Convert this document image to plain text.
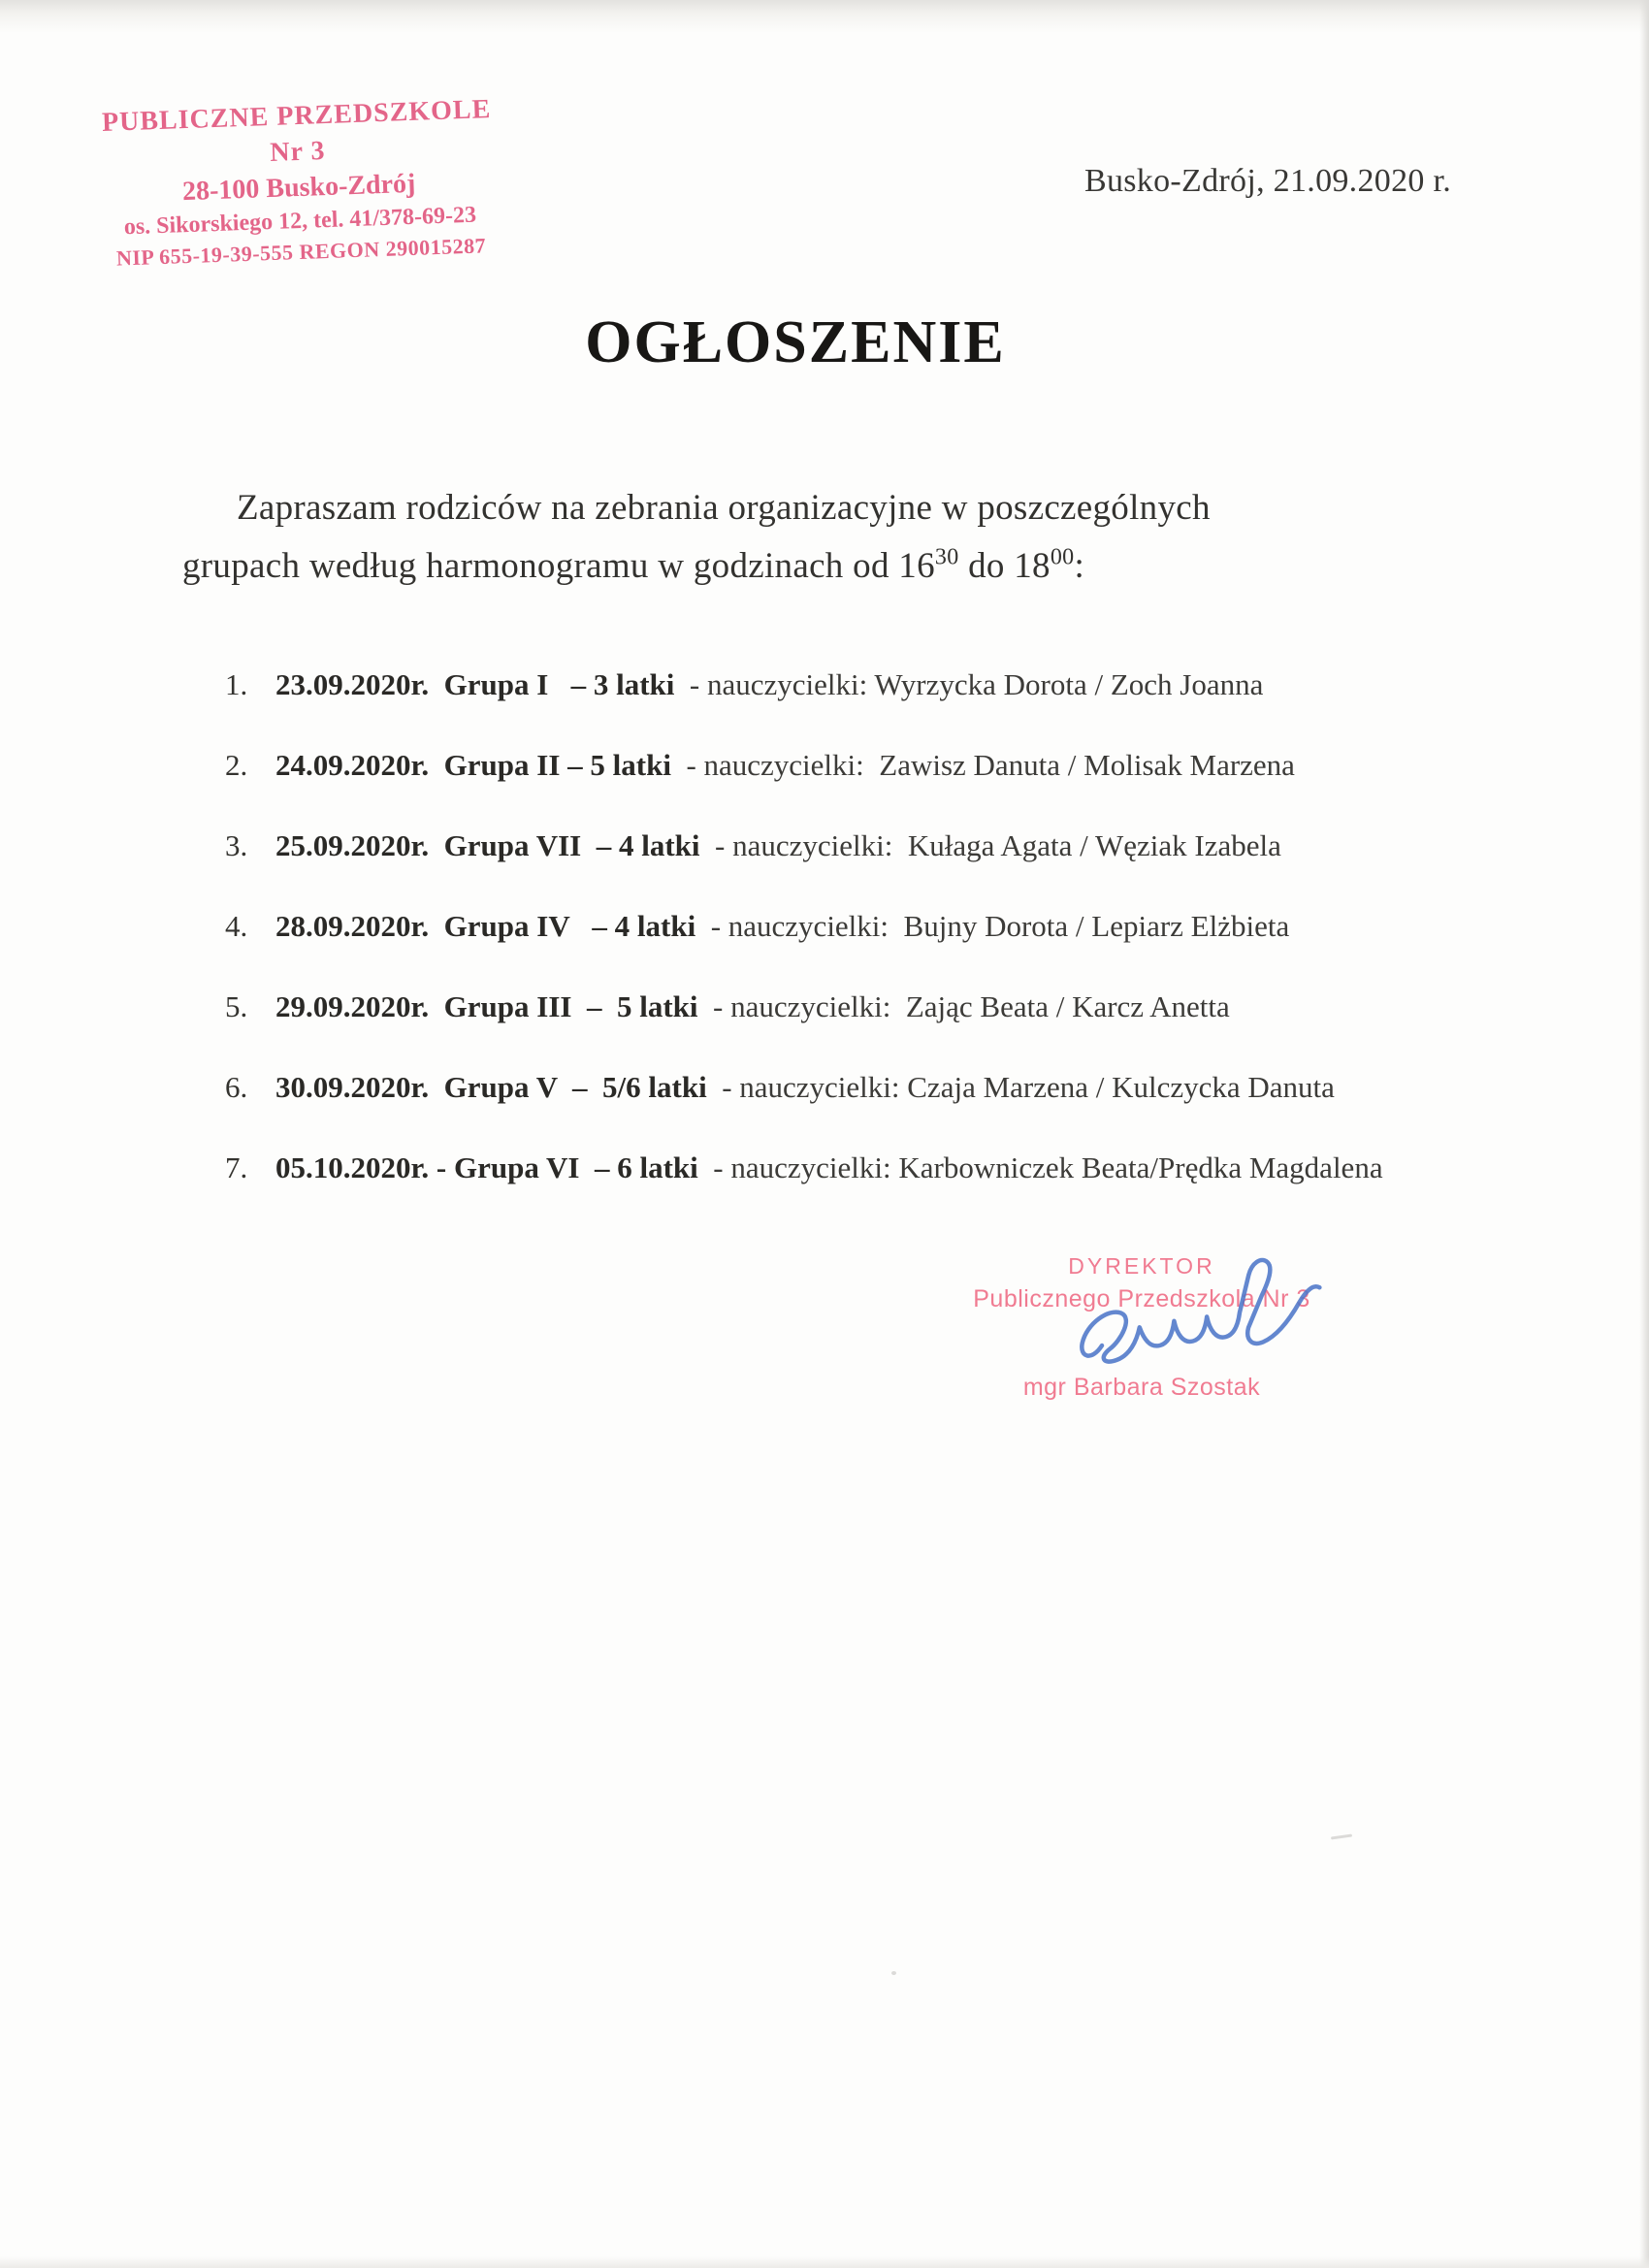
PUBLICZNE PRZEDSZKOLE Nr 3
28-100 Busko-Zdrój
os. Sikorskiego 12, tel. 41/378-69-23
NIP 655-19-39-555 REGON 290015287
Busko-Zdrój, 21.09.2020 r.
OGŁOSZENIE
Zapraszam rodziców na zebrania organizacyjne w poszczególnych
grupach według harmonogramu w godzinach od $16^{30}$ do $18^{00}$:
1. 23.09.2020r.  Grupa I   – 3 latki  - nauczycielki: Wyrzycka Dorota / Zoch Joanna
2. 24.09.2020r.  Grupa II – 5 latki  - nauczycielki:  Zawisz Danuta / Molisak Marzena
3. 25.09.2020r.  Grupa VII  – 4 latki  - nauczycielki:  Kułaga Agata / Węziak Izabela
4. 28.09.2020r.  Grupa IV   – 4 latki  - nauczycielki:  Bujny Dorota / Lepiarz Elżbieta
5. 29.09.2020r.  Grupa III  –  5 latki  - nauczycielki:  Zając Beata / Karcz Anetta
6. 30.09.2020r.  Grupa V  –  5/6 latki  - nauczycielki: Czaja Marzena / Kulczycka Danuta
7. 05.10.2020r. - Grupa VI  – 6 latki  - nauczycielki: Karbowniczek Beata/Prędka Magdalena
DYREKTOR
Publicznego Przedszkola Nr 3
mgr Barbara Szostak
